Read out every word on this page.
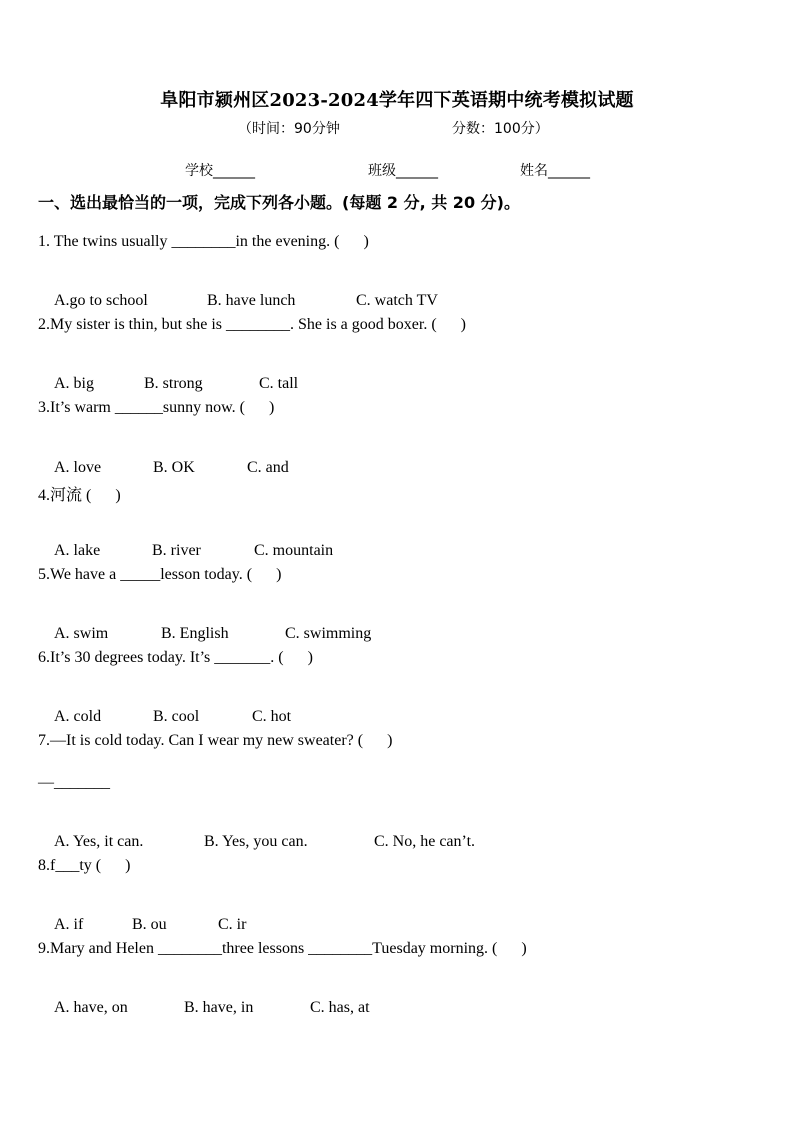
阜阳市颍州区2023-2024学年四下英语期中统考模拟试题
（时间：90分钟	分数：100分）
学校______	班级______	姓名______
一、选出最恰当的一项，完成下列各小题。(每题 2 分, 共 20 分)。
1. The twins usually ________in the evening. (      )

A.go to school	B. have lunch	C. watch TV

2.My sister is thin, but she is ________. She is a good boxer. (      )

A. big	B. strong	C. tall

3.It’s warm ______sunny now. (      )

A. love	B. OK	C. and

4.河流 (      )

A. lake	B. river	C. mountain

5.We have a _____lesson today. (      )

A. swim	B. English	C. swimming

6.It’s 30 degrees today. It’s _______. (      )

A. cold	B. cool	C. hot

7.—It is cold today. Can I wear my new sweater? (      )
—_______

A. Yes, it can.	B. Yes, you can.	C. No, he can’t.

8.f___ty (      )

A. if	B. ou	C. ir

9.Mary and Helen ________three lessons ________Tuesday morning. (      )

A. have, on	B. have, in	C. has, at
